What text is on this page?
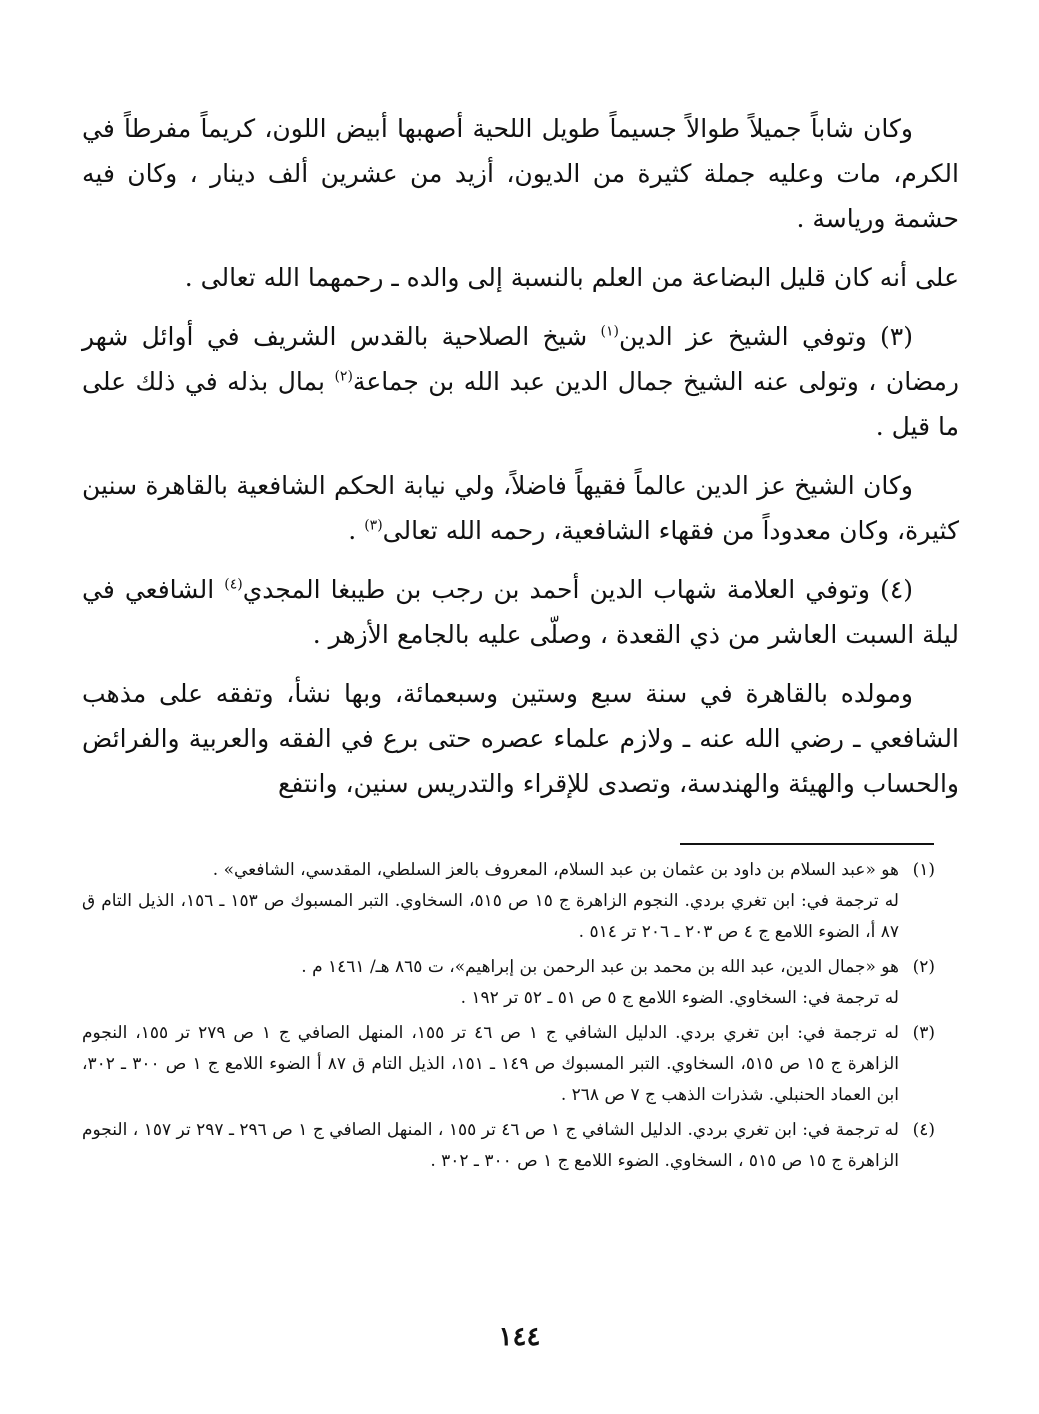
وكان شاباً جميلاً طوالاً جسيماً طويل اللحية أصهبها أبيض اللون، كريماً مفرطاً في الكرم، مات وعليه جملة كثيرة من الديون، أزيد من عشرين ألف دينار ، وكان فيه حشمة ورياسة .

على أنه كان قليل البضاعة من العلم بالنسبة إلى والده ـ رحمهما الله تعالى .

(٣) وتوفي الشيخ عز الدين$^{(١)}$ شيخ الصلاحية بالقدس الشريف في أوائل شهر رمضان ، وتولى عنه الشيخ جمال الدين عبد الله بن جماعة$^{(٢)}$ بمال بذله في ذلك على ما قيل .

وكان الشيخ عز الدين عالماً فقيهاً فاضلاً، ولي نيابة الحكم الشافعية بالقاهرة سنين كثيرة، وكان معدوداً من فقهاء الشافعية، رحمه الله تعالى$^{(٣)}$ .

(٤) وتوفي العلامة شهاب الدين أحمد بن رجب بن طيبغا المجدي$^{(٤)}$ الشافعي في ليلة السبت العاشر من ذي القعدة ، وصلّى عليه بالجامع الأزهر .

ومولده بالقاهرة في سنة سبع وستين وسبعمائة، وبها نشأ، وتفقه على مذهب الشافعي ـ رضي الله عنه ـ ولازم علماء عصره حتى برع في الفقه والعربية والفرائض والحساب والهيئة والهندسة، وتصدى للإقراء والتدريس سنين، وانتفع

(١)

هو «عبد السلام بن داود بن عثمان بن عبد السلام، المعروف بالعز السلطي، المقدسي، الشافعي» .

له ترجمة في: ابن تغري بردي. النجوم الزاهرة ج ١٥ ص ٥١٥، السخاوي. التبر المسبوك ص ١٥٣ ـ ١٥٦، الذيل التام ق ٨٧ أ، الضوء اللامع ج ٤ ص ٢٠٣ ـ ٢٠٦ تر ٥١٤ .

(٢)

هو «جمال الدين، عبد الله بن محمد بن عبد الرحمن بن إبراهيم»، ت ٨٦٥ هـ/ ١٤٦١ م .

له ترجمة في: السخاوي. الضوء اللامع ج ٥ ص ٥١ ـ ٥٢ تر ١٩٢ .

(٣)

له ترجمة في: ابن تغري بردي. الدليل الشافي ج ١ ص ٤٦ تر ١٥٥، المنهل الصافي ج ١ ص ٢٧٩ تر ١٥٥، النجوم الزاهرة ج ١٥ ص ٥١٥، السخاوي. التبر المسبوك ص ١٤٩ ـ ١٥١، الذيل التام ق ٨٧ أ الضوء اللامع ج ١ ص ٣٠٠ ـ ٣٠٢، ابن العماد الحنبلي. شذرات الذهب ج ٧ ص ٢٦٨ .

(٤)

له ترجمة في: ابن تغري بردي. الدليل الشافي ج ١ ص ٤٦ تر ١٥٥ ، المنهل الصافي ج ١ ص ٢٩٦ ـ ٢٩٧ تر ١٥٧ ، النجوم الزاهرة ج ١٥ ص ٥١٥ ، السخاوي. الضوء اللامع ج ١ ص ٣٠٠ ـ ٣٠٢ .

١٤٤
